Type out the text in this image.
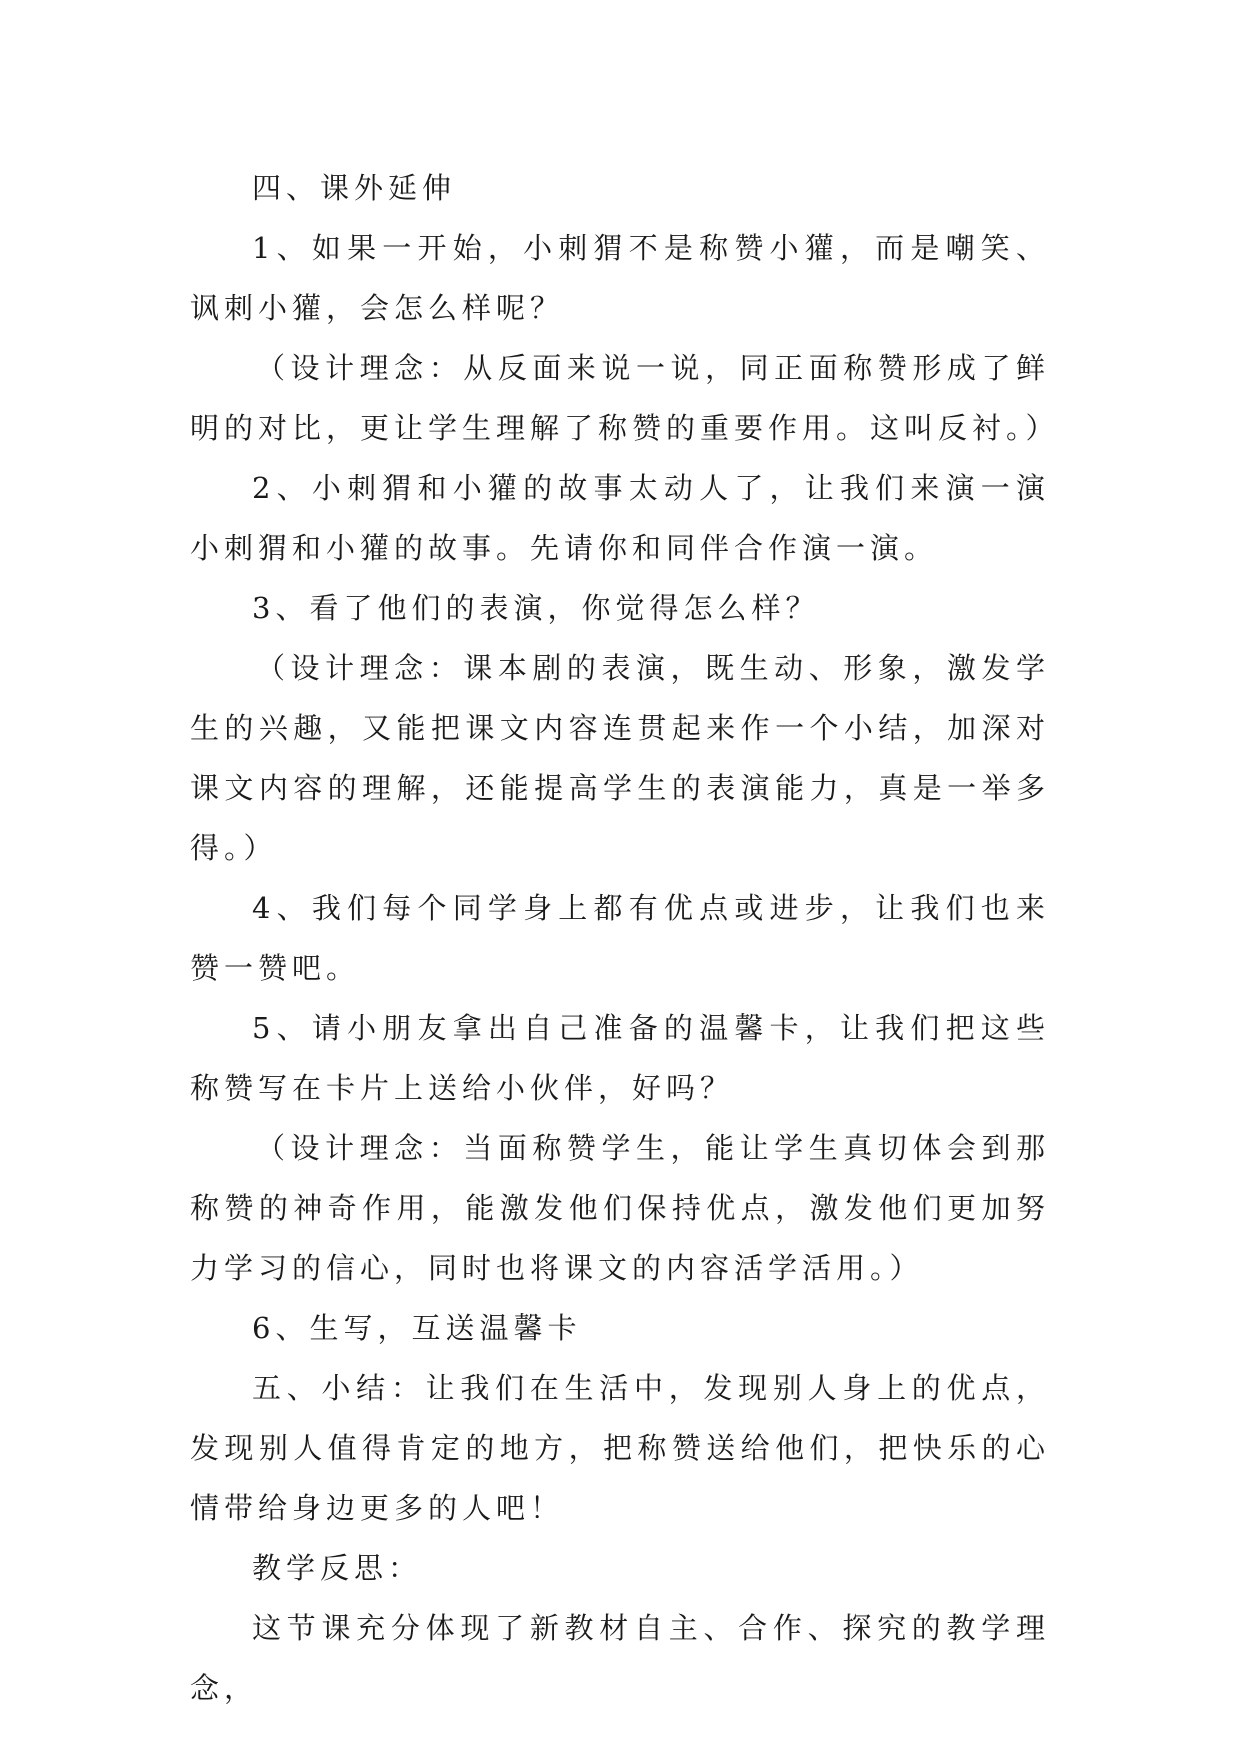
四、课外延伸

1、如果一开始，小刺猬不是称赞小獾，而是嘲笑、讽刺小獾，会怎么样呢？

（设计理念：从反面来说一说，同正面称赞形成了鲜明的对比，更让学生理解了称赞的重要作用。这叫反衬。）

2、小刺猬和小獾的故事太动人了，让我们来演一演小刺猬和小獾的故事。先请你和同伴合作演一演。

3、看了他们的表演，你觉得怎么样？

（设计理念：课本剧的表演，既生动、形象，激发学生的兴趣，又能把课文内容连贯起来作一个小结，加深对课文内容的理解，还能提高学生的表演能力，真是一举多得。）

4、我们每个同学身上都有优点或进步，让我们也来赞一赞吧。

5、请小朋友拿出自己准备的温馨卡，让我们把这些称赞写在卡片上送给小伙伴，好吗？

（设计理念：当面称赞学生，能让学生真切体会到那称赞的神奇作用，能激发他们保持优点，激发他们更加努力学习的信心，同时也将课文的内容活学活用。）

6、生写，互送温馨卡

五、小结：让我们在生活中，发现别人身上的优点，发现别人值得肯定的地方，把称赞送给他们，把快乐的心情带给身边更多的人吧！

教学反思：

这节课充分体现了新教材自主、合作、探究的教学理念，
